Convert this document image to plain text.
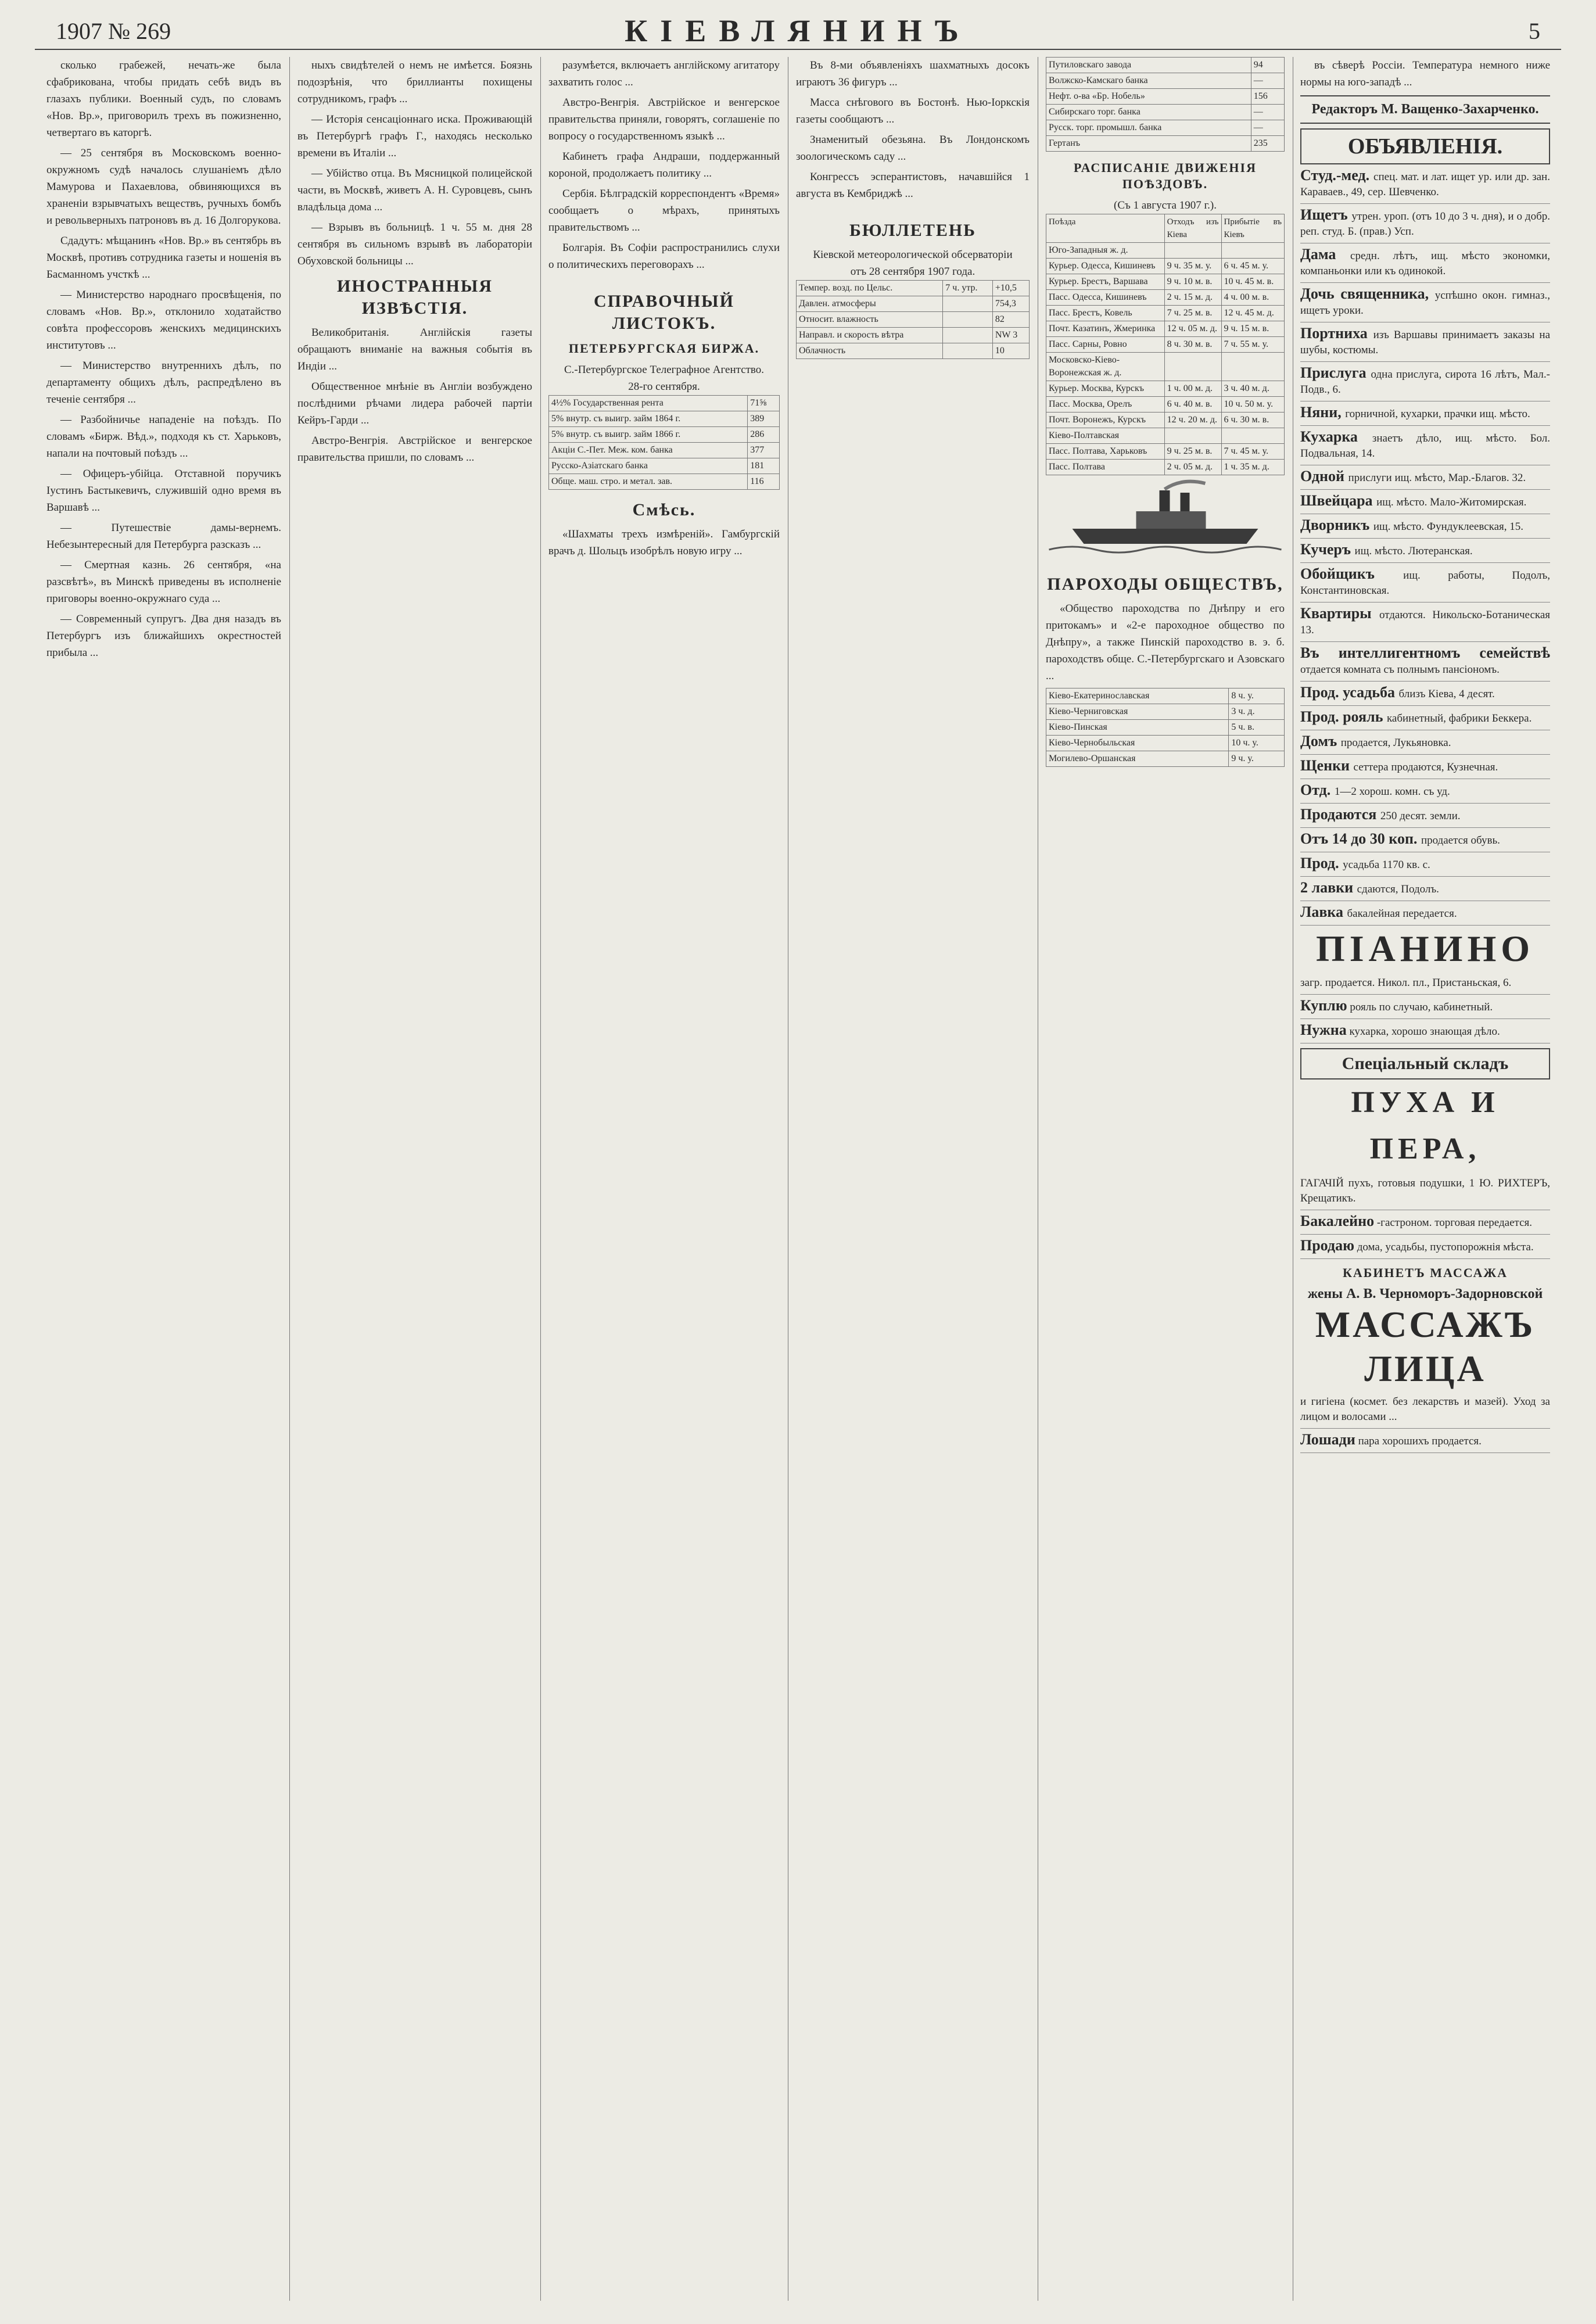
1907 № 269	КІЕВЛЯНИНЪ	5

сколько грабежей, нечать-же была сфабрикована, чтобы придать себѣ видъ въ глазахъ публики. Военный судъ, по словамъ «Нов. Вр.», приговорилъ трехъ въ пожизненно, четвертаго въ каторгѣ.

— 25 сентября въ Московскомъ военно-окружномъ судѣ началось слушаніемъ дѣло Мамурова и Пахаевлова, обвиняющихся въ храненіи взрывчатыхъ веществъ, ручныхъ бомбъ и револьверныхъ патроновъ въ д. 16 Долгорукова.

Сдадутъ: мѣщанинъ «Нов. Вр.» въ сентябрь въ Москвѣ, противъ сотрудника газеты и ношенія въ Басманномъ учсткѣ ...

— Министерство народнаго просвѣщенія, по словамъ «Нов. Вр.», отклонило ходатайство совѣта профессоровъ женскихъ медицинскихъ институтовъ ...

— Министерство внутреннихъ дѣлъ, по департаменту общихъ дѣлъ, распредѣлено въ теченіе сентября ...

— Разбойничье нападеніе на поѣздъ. По словамъ «Бирж. Вѣд.», подходя къ ст. Харьковъ, напали на почтовый поѣздъ ...

— Офицеръ-убійца. Отставной поручикъ Іустинъ Бастыкевичъ, служившій одно время въ Варшавѣ ...

— Путешествіе дамы-вернемъ. Небезынтересный для Петербурга разсказъ ...

— Смертная казнь. 26 сентября, «на разсвѣтѣ», въ Минскѣ приведены въ исполненіе приговоры военно-окружнаго суда ...

— Современный супругъ. Два дня назадъ въ Петербургъ изъ ближайшихъ окрестностей прибыла ...

ныхъ свидѣтелей о немъ не имѣется. Боязнь подозрѣнія, что бриллианты похищены сотрудникомъ, графъ ...

— Исторія сенсаціоннаго иска. Проживающій въ Петербургѣ графъ Г., находясь несколько времени въ Италіи ...

— Убійство отца. Въ Мясницкой полицейской части, въ Москвѣ, живетъ А. Н. Суровцевъ, сынъ владѣльца дома ...

— Взрывъ въ больницѣ. 1 ч. 55 м. дня 28 сентября въ сильномъ взрывѣ въ лабораторіи Обуховской больницы ...

ИНОСТРАННЫЯ ИЗВѢСТІЯ.

Великобританія. Англійскія газеты обращаютъ вниманіе на важныя событія въ Индіи ...

Общественное мнѣніе въ Англіи возбуждено послѣдними рѣчами лидера рабочей партіи Кейръ-Гарди ...

Австро-Венгрія. Австрійское и венгерское правительства пришли, по словамъ ...

разумѣется, включаетъ англійскому агитатору захватить голос ...

Австро-Венгрія. Австрійское и венгерское правительства приняли, говорятъ, соглашеніе по вопросу о государственномъ языкѣ ...

Кабинетъ графа Андраши, поддержанный короной, продолжаетъ политику ...

Сербія. Бѣлградскій корреспондентъ «Время» сообщаетъ о мѣрахъ, принятыхъ правительствомъ ...

Болгарія. Въ Софіи распространились слухи о политическихъ переговорахъ ...

СПРАВОЧНЫЙ ЛИСТОКЪ.
ПЕТЕРБУРГСКАЯ БИРЖА.
С.-Петербургское Телеграфное Агентство.
28-го сентября.
4½% Государственная рента	71⅝
5% внутр. съ выигр. займ 1864 г.	389
5% внутр. съ выигр. займ 1866 г.	286
Акціи С.-Пет. Меж. ком. банка	377
Русско-Азіатскаго банка	181
Обще. маш. стро. и метал. зав.	116
Смѣсь.

«Шахматы трехъ измѣреній». Гамбургскій врачъ д. Шольцъ изобрѣлъ новую игру ...

Въ 8-ми объявленіяхъ шахматныхъ досокъ играютъ 36 фигуръ ...

Масса снѣгового въ Бостонѣ. Нью-Іоркскія газеты сообщаютъ ...

Знаменитый обезьяна. Въ Лондонскомъ зоологическомъ саду ...

Конгрессъ эсперантистовъ, начавшійся 1 августа въ Кембриджѣ ...

БЮЛЛЕТЕНЬ
Кіевской метеорологической обсерваторіи
отъ 28 сентября 1907 года.
Темпер. возд. по Цельс.	7 ч. утр.	+10,5
Давлен. атмосферы		754,3
Относит. влажность		82
Направл. и скорость вѣтра		NW 3
Облачность		10
Путиловскаго завода	94
Волжско-Камскаго банка	—
Нефт. о-ва «Бр. Нобель»	156
Сибирскаго торг. банка	—
Русск. торг. промышл. банка	—
Гертанъ	235
РАСПИСАНІЕ ДВИЖЕНІЯ ПОѢЗДОВЪ.
(Съ 1 августа 1907 г.).
Поѣзда	Отходъ изъ Кіева	Прибытіе въ Кіевъ
Юго-Западныя ж. д.		
Курьер. Одесса, Кишиневъ	9 ч. 35 м. у.	6 ч. 45 м. у.
Курьер. Брестъ, Варшава	9 ч. 10 м. в.	10 ч. 45 м. в.
Пасс. Одесса, Кишиневъ	2 ч. 15 м. д.	4 ч. 00 м. в.
Пасс. Брестъ, Ковель	7 ч. 25 м. в.	12 ч. 45 м. д.
Почт. Казатинъ, Жмеринка	12 ч. 05 м. д.	9 ч. 15 м. в.
Пасс. Сарны, Ровно	8 ч. 30 м. в.	7 ч. 55 м. у.
Московско-Кіево-Воронежская ж. д.		
Курьер. Москва, Курскъ	1 ч. 00 м. д.	3 ч. 40 м. д.
Пасс. Москва, Орелъ	6 ч. 40 м. в.	10 ч. 50 м. у.
Почт. Воронежъ, Курскъ	12 ч. 20 м. д.	6 ч. 30 м. в.
Кіево-Полтавская		
Пасс. Полтава, Харьковъ	9 ч. 25 м. в.	7 ч. 45 м. у.
Пасс. Полтава	2 ч. 05 м. д.	1 ч. 35 м. д.
ПАРОХОДЫ ОБЩЕСТВЪ,

«Общество пароходства по Днѣпру и его притокамъ» и «2-е пароходное общество по Днѣпру», а также Пинскій пароходство в. э. б. пароходствъ обще. С.-Петербургскаго и Азовскаго ...

Кіево-Екатеринославская	8 ч. у.
Кіево-Черниговская	3 ч. д.
Кіево-Пинская	5 ч. в.
Кіево-Чернобыльская	10 ч. у.
Могилево-Оршанская	9 ч. у.

въ сѣверѣ Россіи. Температура немного ниже нормы на юго-западѣ ...

Редакторъ М. Ващенко-Захарченко.
ОБЪЯВЛЕНІЯ.
Студ.-мед. спец. мат. и лат. ищет ур. или др. зан. Караваев., 49, сер. Шевченко.
Ищетъ утрен. уроп. (отъ 10 до 3 ч. дня), и о добр. реп. студ. Б. (прав.) Усп.
Дама средн. лѣтъ, ищ. мѣсто экономки, компаньонки или къ одинокой.
Дочь священника, успѣшно окон. гимназ., ищетъ уроки.
Портниха изъ Варшавы принимаетъ заказы на шубы, костюмы.
Прислуга одна прислуга, сирота 16 лѣтъ, Мал.-Подв., 6.
Няни, горничной, кухарки, прачки ищ. мѣсто.
Кухарка знаетъ дѣло, ищ. мѣсто. Бол. Подвальная, 14.
Одной прислуги ищ. мѣсто, Мар.-Благов. 32.
Швейцара ищ. мѣсто. Мало-Житомирская.
Дворникъ ищ. мѣсто. Фундуклеевская, 15.
Кучеръ ищ. мѣсто. Лютеранская.
Обойщикъ ищ. работы, Подолъ, Константиновская.
Квартиры отдаются. Никольско-Ботаническая 13.
Въ интеллигентномъ семействѣ отдается комната съ полнымъ пансіономъ.
Прод. усадьба близъ Кіева, 4 десят.
Прод. рояль кабинетный, фабрики Беккера.
Домъ продается, Лукьяновка.
Щенки сеттера продаются, Кузнечная.
Отд. 1—2 хорош. комн. съ уд.
Продаются 250 десят. земли.
Отъ 14 до 30 коп. продается обувь.
Прод. усадьба 1170 кв. с.
2 лавки сдаются, Подолъ.
Лавка бакалейная передается.
ПІАНИНО
загр. продается. Никол. пл., Пристаньская, 6.
Куплю рояль по случаю, кабинетный.
Нужна кухарка, хорошо знающая дѣло.
Спеціальный складъ
ПУХА И ПЕРА,
ГАГАЧІЙ пухъ, готовыя подушки, 1 Ю. РИХТЕРЪ, Крещатикъ.
Бакалейно -гастроном. торговая передается.
Продаю дома, усадьбы, пустопорожнія мѣста.
КАБИНЕТЪ МАССАЖА
жены А. В. Черноморъ-Задорновской
МАССАЖЪ ЛИЦА
и гигіена (космет. без лекарствъ и мазей). Уход за лицом и волосами ...
Лошади пара хорошихъ продается.
